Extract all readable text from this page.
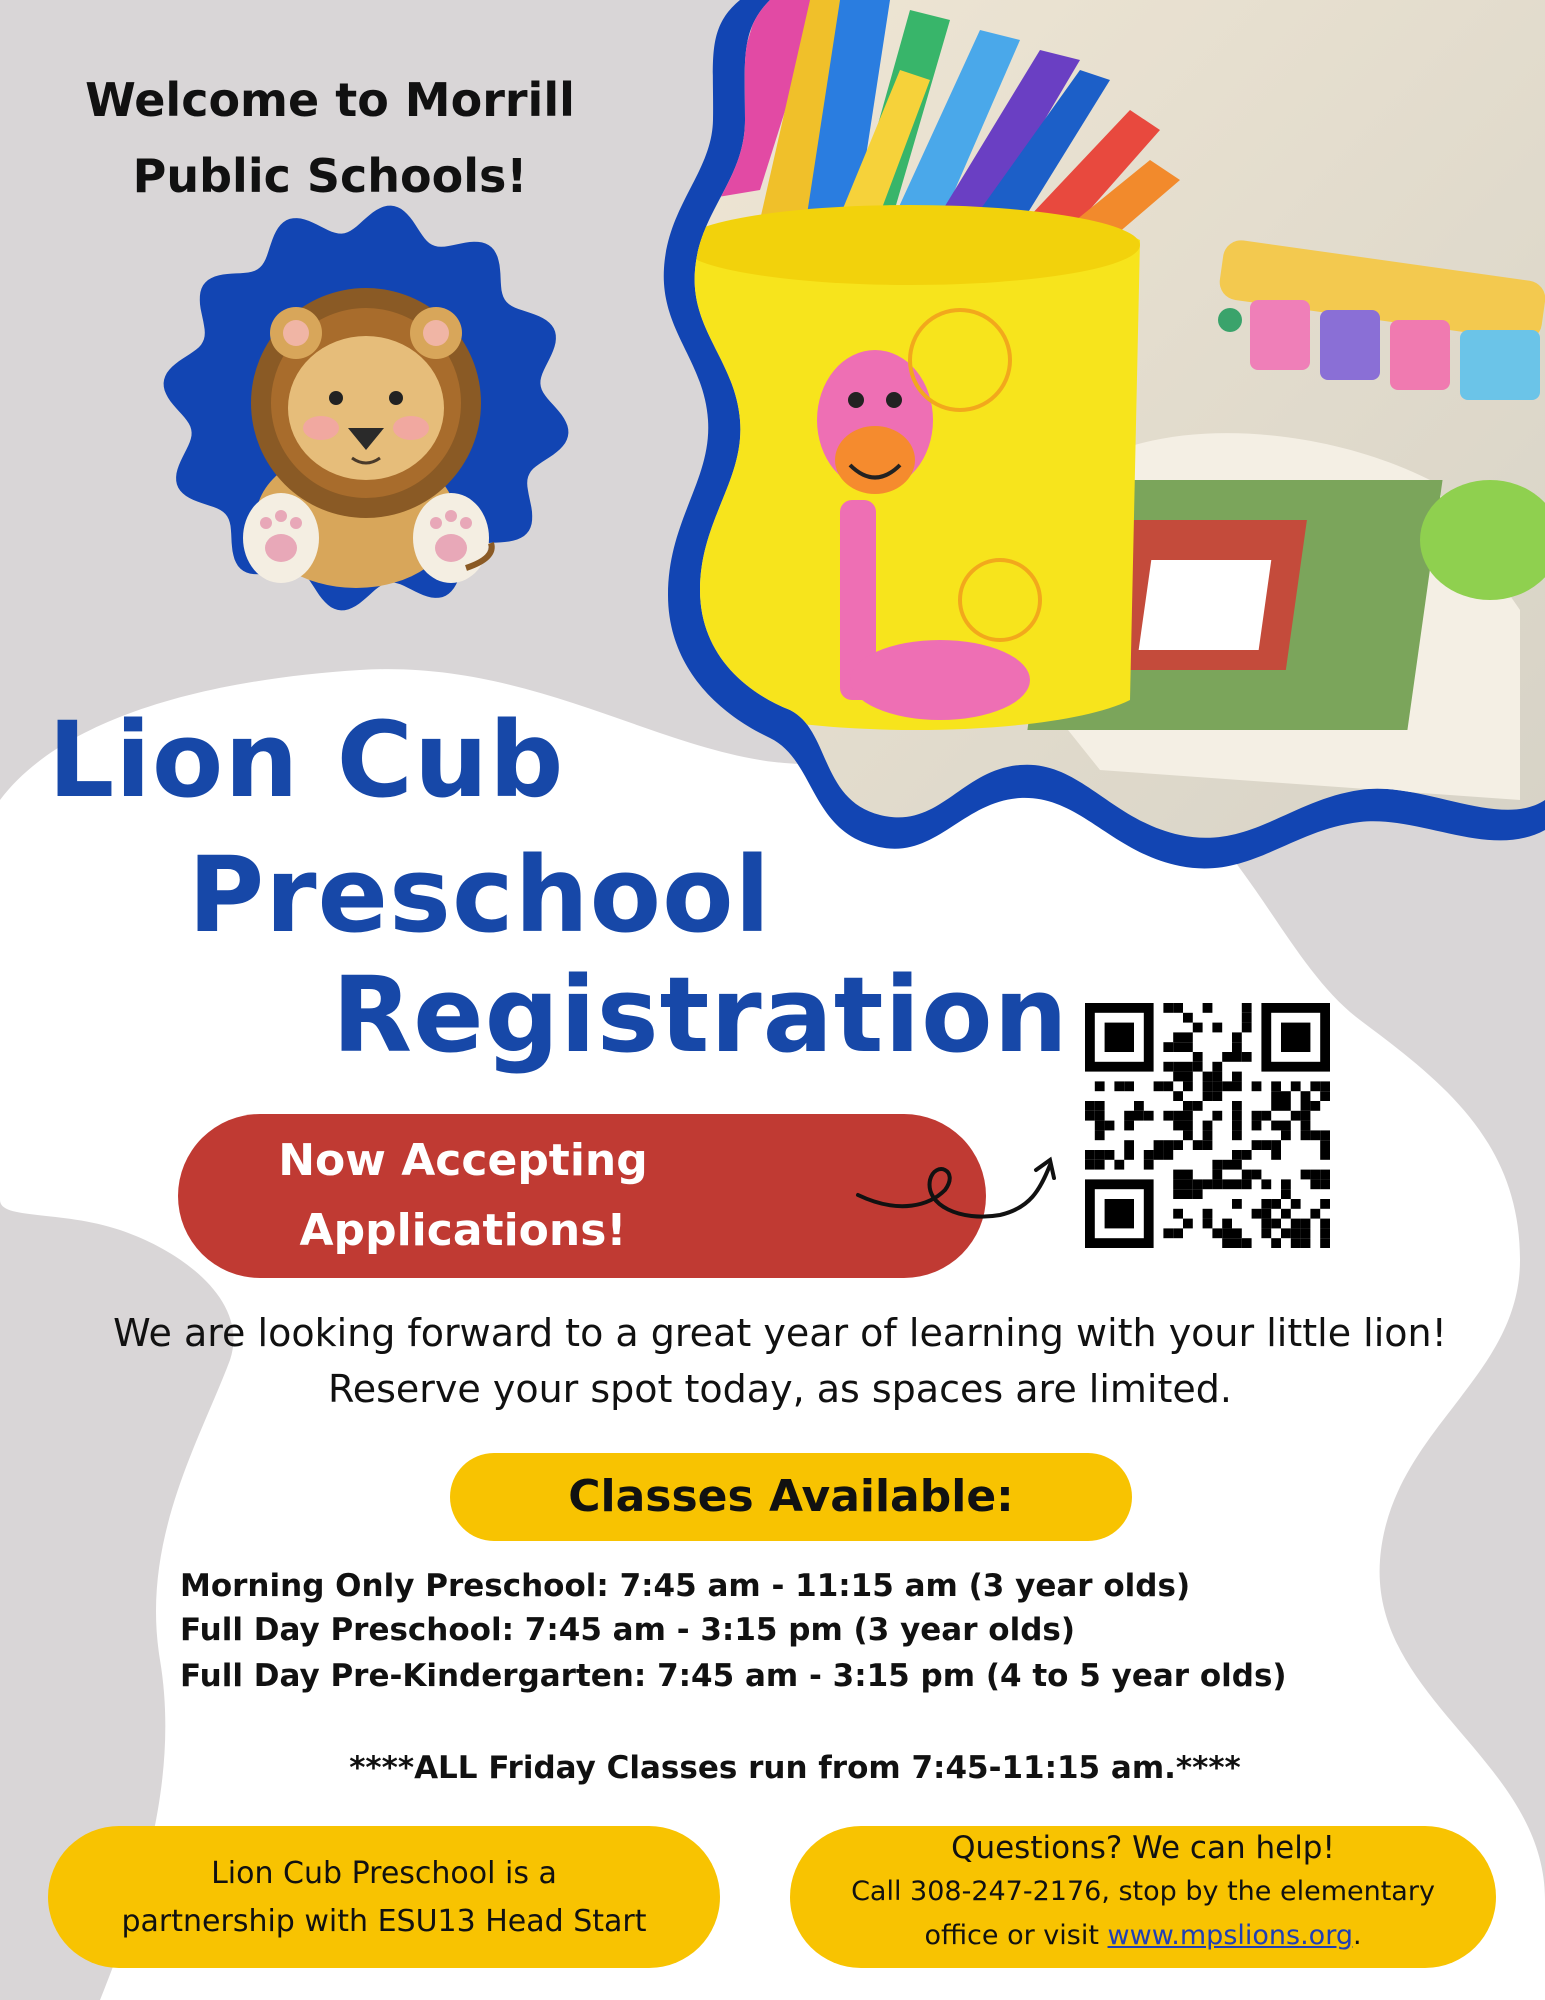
Welcome to Morrill
Public Schools!
Lion Cub
Preschool
Registration
Now Accepting
Applications!
We are looking forward to a great year of learning with your little lion!
Reserve your spot today, as spaces are limited.
Classes Available:
Morning Only Preschool: 7:45 am - 11:15 am (3 year olds)
Full Day Preschool: 7:45 am - 3:15 pm (3 year olds)
Full Day Pre-Kindergarten: 7:45 am - 3:15 pm (4 to 5 year olds)
****ALL Friday Classes run from 7:45-11:15 am.****
Lion Cub Preschool is a
partnership with ESU13 Head Start
Questions? We can help!
Call 308-247-2176, stop by the elementary
office or visit www.mpslions.org.
